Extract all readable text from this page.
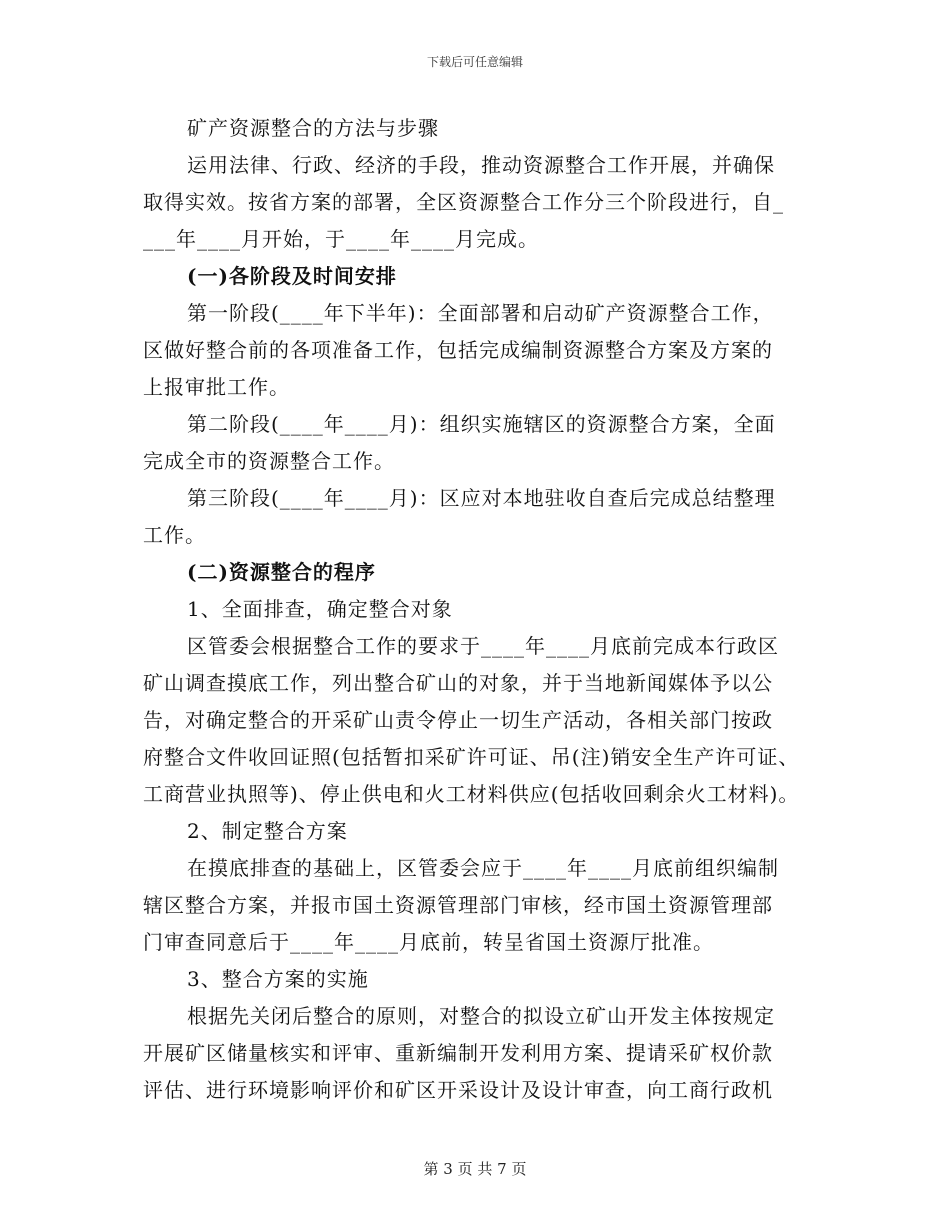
下载后可任意编辑
矿产资源整合的方法与步骤
运用法律、行政、经济的手段，推动资源整合工作开展，并确保
取得实效。按省方案的部署，全区资源整合工作分三个阶段进行，自_
___年____月开始，于____年____月完成。
(一)各阶段及时间安排
第一阶段(____年下半年)：全面部署和启动矿产资源整合工作，
区做好整合前的各项准备工作，包括完成编制资源整合方案及方案的
上报审批工作。
第二阶段(____年____月)：组织实施辖区的资源整合方案，全面
完成全市的资源整合工作。
第三阶段(____年____月)：区应对本地驻收自查后完成总结整理
工作。
(二)资源整合的程序
1、全面排查，确定整合对象
区管委会根据整合工作的要求于____年____月底前完成本行政区
矿山调查摸底工作，列出整合矿山的对象，并于当地新闻媒体予以公
告，对确定整合的开采矿山责令停止一切生产活动，各相关部门按政
府整合文件收回证照(包括暂扣采矿许可证、吊(注)销安全生产许可证、
工商营业执照等)、停止供电和火工材料供应(包括收回剩余火工材料)。
2、制定整合方案
在摸底排查的基础上，区管委会应于____年____月底前组织编制
辖区整合方案，并报市国土资源管理部门审核，经市国土资源管理部
门审查同意后于____年____月底前，转呈省国土资源厅批准。
3、整合方案的实施
根据先关闭后整合的原则，对整合的拟设立矿山开发主体按规定
开展矿区储量核实和评审、重新编制开发利用方案、提请采矿权价款
评估、进行环境影响评价和矿区开采设计及设计审查，向工商行政机
第 3 页 共 7 页
